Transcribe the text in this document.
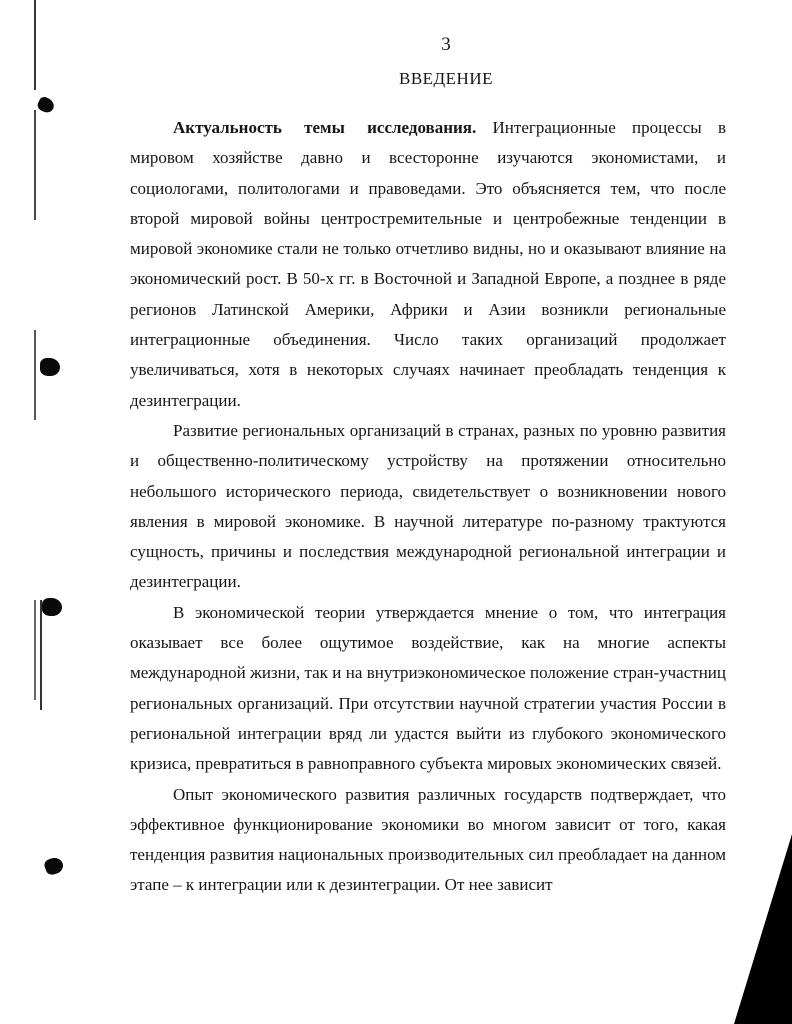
3
ВВЕДЕНИЕ

Актуальность темы исследования. Интеграционные процессы в мировом хозяйстве давно и всесторонне изучаются экономистами, и социологами, политологами и правоведами. Это объясняется тем, что после второй мировой войны центростремительные и центробежные тенденции в мировой экономике стали не только отчетливо видны, но и оказывают влияние на экономический рост. В 50-х гг. в Восточной и Западной Европе, а позднее в ряде регионов Латинской Америки, Африки и Азии возникли региональные интеграционные объединения. Число таких организаций продолжает увеличиваться, хотя в некоторых случаях начинает преобладать тенденция к дезинтеграции.

Развитие региональных организаций в странах, разных по уровню развития и общественно-политическому устройству на протяжении относительно небольшого исторического периода, свидетельствует о возникновении нового явления в мировой экономике. В научной литературе по-разному трактуются сущность, причины и последствия международной региональной интеграции и дезинтеграции.

В экономической теории утверждается мнение о том, что интеграция оказывает все более ощутимое воздействие, как на многие аспекты международной жизни, так и на внутриэкономическое положение стран-участниц региональных организаций. При отсутствии научной стратегии участия России в региональной интеграции вряд ли удастся выйти из глубокого экономического кризиса, превратиться в равноправного субъекта мировых экономических связей.

Опыт экономического развития различных государств подтверждает, что эффективное функционирование экономики во многом зависит от того, какая тенденция развития национальных производительных сил преобладает на данном этапе – к интеграции или к дезинтеграции. От нее зависит
